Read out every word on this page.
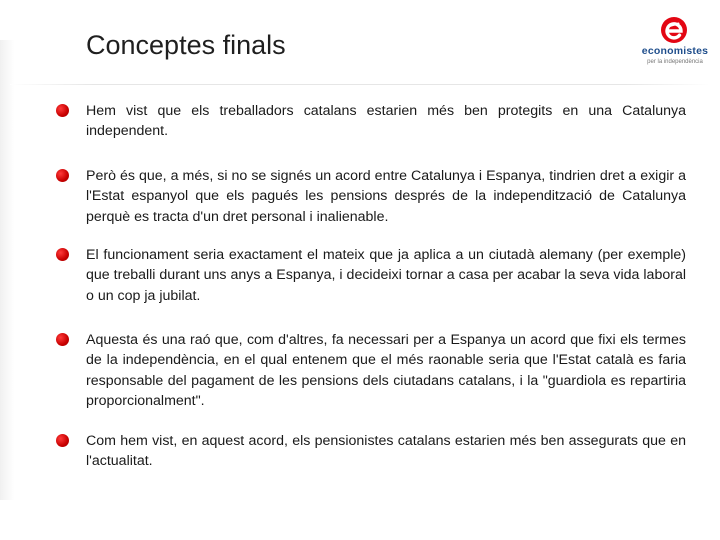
Conceptes finals	economistes
per la independència
Hem vist que els treballadors catalans estarien més ben protegits en una Catalunya independent.
Però és que, a més, si no se signés un acord entre Catalunya i Espanya, tindrien dret a exigir a l'Estat espanyol que els pagués les pensions després de la independització de Catalunya perquè es tracta d'un dret personal i inalienable.
El funcionament seria exactament el mateix que ja aplica a un ciutadà alemany (per exemple) que treballi durant uns anys a Espanya, i decideixi tornar a casa per acabar la seva vida laboral o un cop ja jubilat.
Aquesta és una raó que, com d'altres, fa necessari per a Espanya un acord que fixi els termes de la independència, en el qual entenem que el més raonable seria que l'Estat català es faria responsable del pagament de les pensions dels ciutadans catalans, i la "guardiola es repartiria proporcionalment".
Com hem vist, en aquest acord, els pensionistes catalans estarien més ben assegurats que en l'actualitat.
